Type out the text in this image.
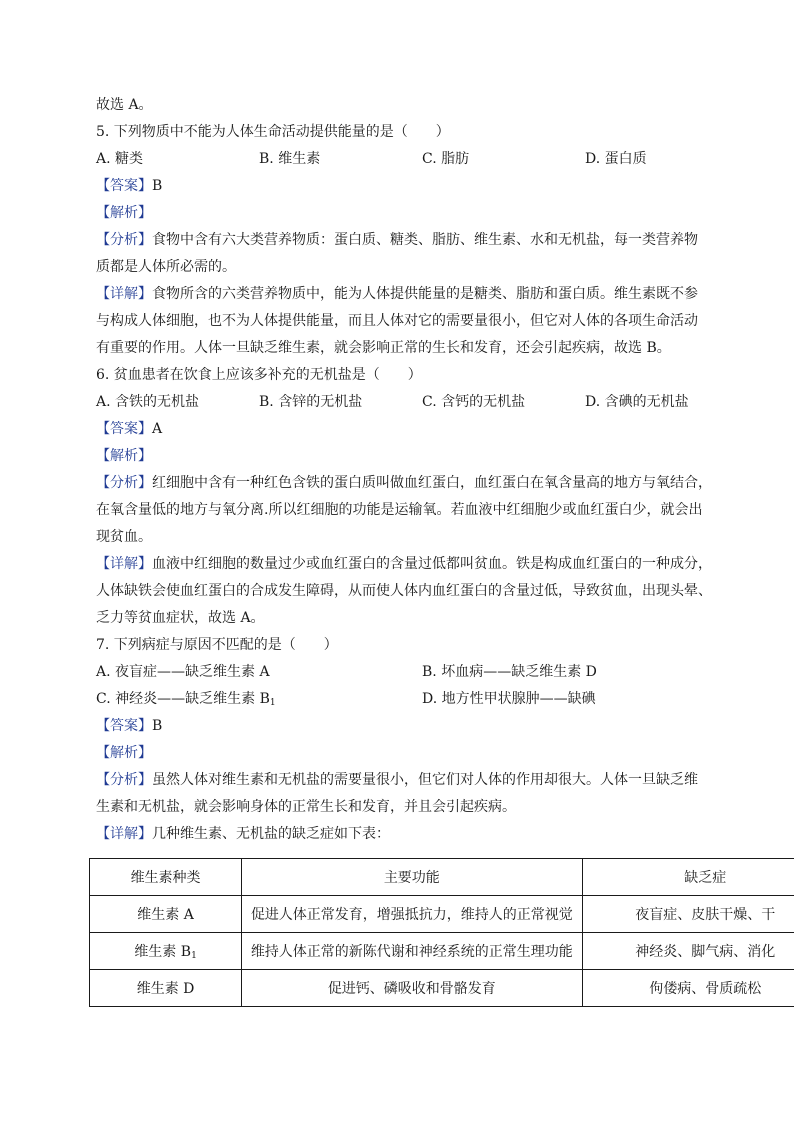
故选 A。
5. 下列物质中不能为人体生命活动提供能量的是（　　）
A. 糖类	B. 维生素	C. 脂肪	D. 蛋白质
【答案】B
【解析】
【分析】食物中含有六大类营养物质：蛋白质、糖类、脂肪、维生素、水和无机盐，每一类营养物
质都是人体所必需的。
【详解】食物所含的六类营养物质中，能为人体提供能量的是糖类、脂肪和蛋白质。维生素既不参
与构成人体细胞，也不为人体提供能量，而且人体对它的需要量很小，但它对人体的各项生命活动
有重要的作用。人体一旦缺乏维生素，就会影响正常的生长和发育，还会引起疾病，故选 B。
6. 贫血患者在饮食上应该多补充的无机盐是（　　）
A. 含铁的无机盐	B. 含锌的无机盐	C. 含钙的无机盐	D. 含碘的无机盐
【答案】A
【解析】
【分析】红细胞中含有一种红色含铁的蛋白质叫做血红蛋白，血红蛋白在氧含量高的地方与氧结合，
在氧含量低的地方与氧分离.所以红细胞的功能是运输氧。若血液中红细胞少或血红蛋白少，就会出
现贫血。
【详解】血液中红细胞的数量过少或血红蛋白的含量过低都叫贫血。铁是构成血红蛋白的一种成分，
人体缺铁会使血红蛋白的合成发生障碍，从而使人体内血红蛋白的含量过低，导致贫血，出现头晕、
乏力等贫血症状，故选 A。
7. 下列病症与原因不匹配的是（　　）
A. 夜盲症——缺乏维生素 A	B. 坏血病——缺乏维生素 D
C. 神经炎——缺乏维生素 $B_1$	D. 地方性甲状腺肿——缺碘
【答案】B
【解析】
【分析】虽然人体对维生素和无机盐的需要量很小，但它们对人体的作用却很大。人体一旦缺乏维
生素和无机盐，就会影响身体的正常生长和发育，并且会引起疾病。
【详解】几种维生素、无机盐的缺乏症如下表：
维生素种类	主要功能	缺乏症
维生素 A	促进人体正常发育，增强抵抗力，维持人的正常视觉	夜盲症、皮肤干燥、干
维生素 $B_1$	维持人体正常的新陈代谢和神经系统的正常生理功能	神经炎、脚气病、消化
维生素 D	促进钙、磷吸收和骨骼发育	佝偻病、骨质疏松
